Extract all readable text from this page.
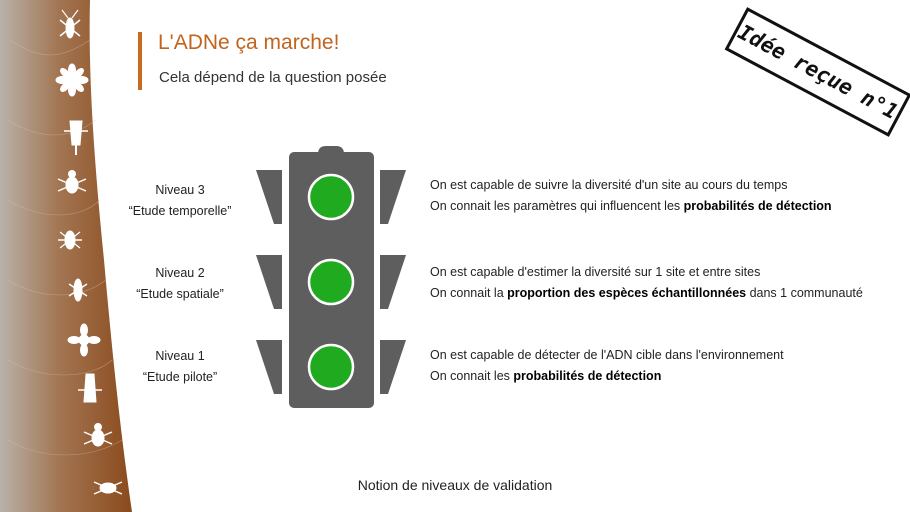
L'ADNe ça marche!
Cela dépend de la question posée	Idée reçue n°1
Niveau 3
“Etude temporelle”
Niveau 2
“Etude spatiale”
Niveau 1
“Etude pilote”
On est capable de suivre la diversité d'un site au cours du temps
On connait les paramètres qui influencent les probabilités de détection
On est capable d'estimer la diversité sur 1 site et entre sites
On connait la proportion des espèces échantillonnées dans 1 communauté
On est capable de détecter de l'ADN cible dans l'environnement
On connait les probabilités de détection
Notion de niveaux de validation
